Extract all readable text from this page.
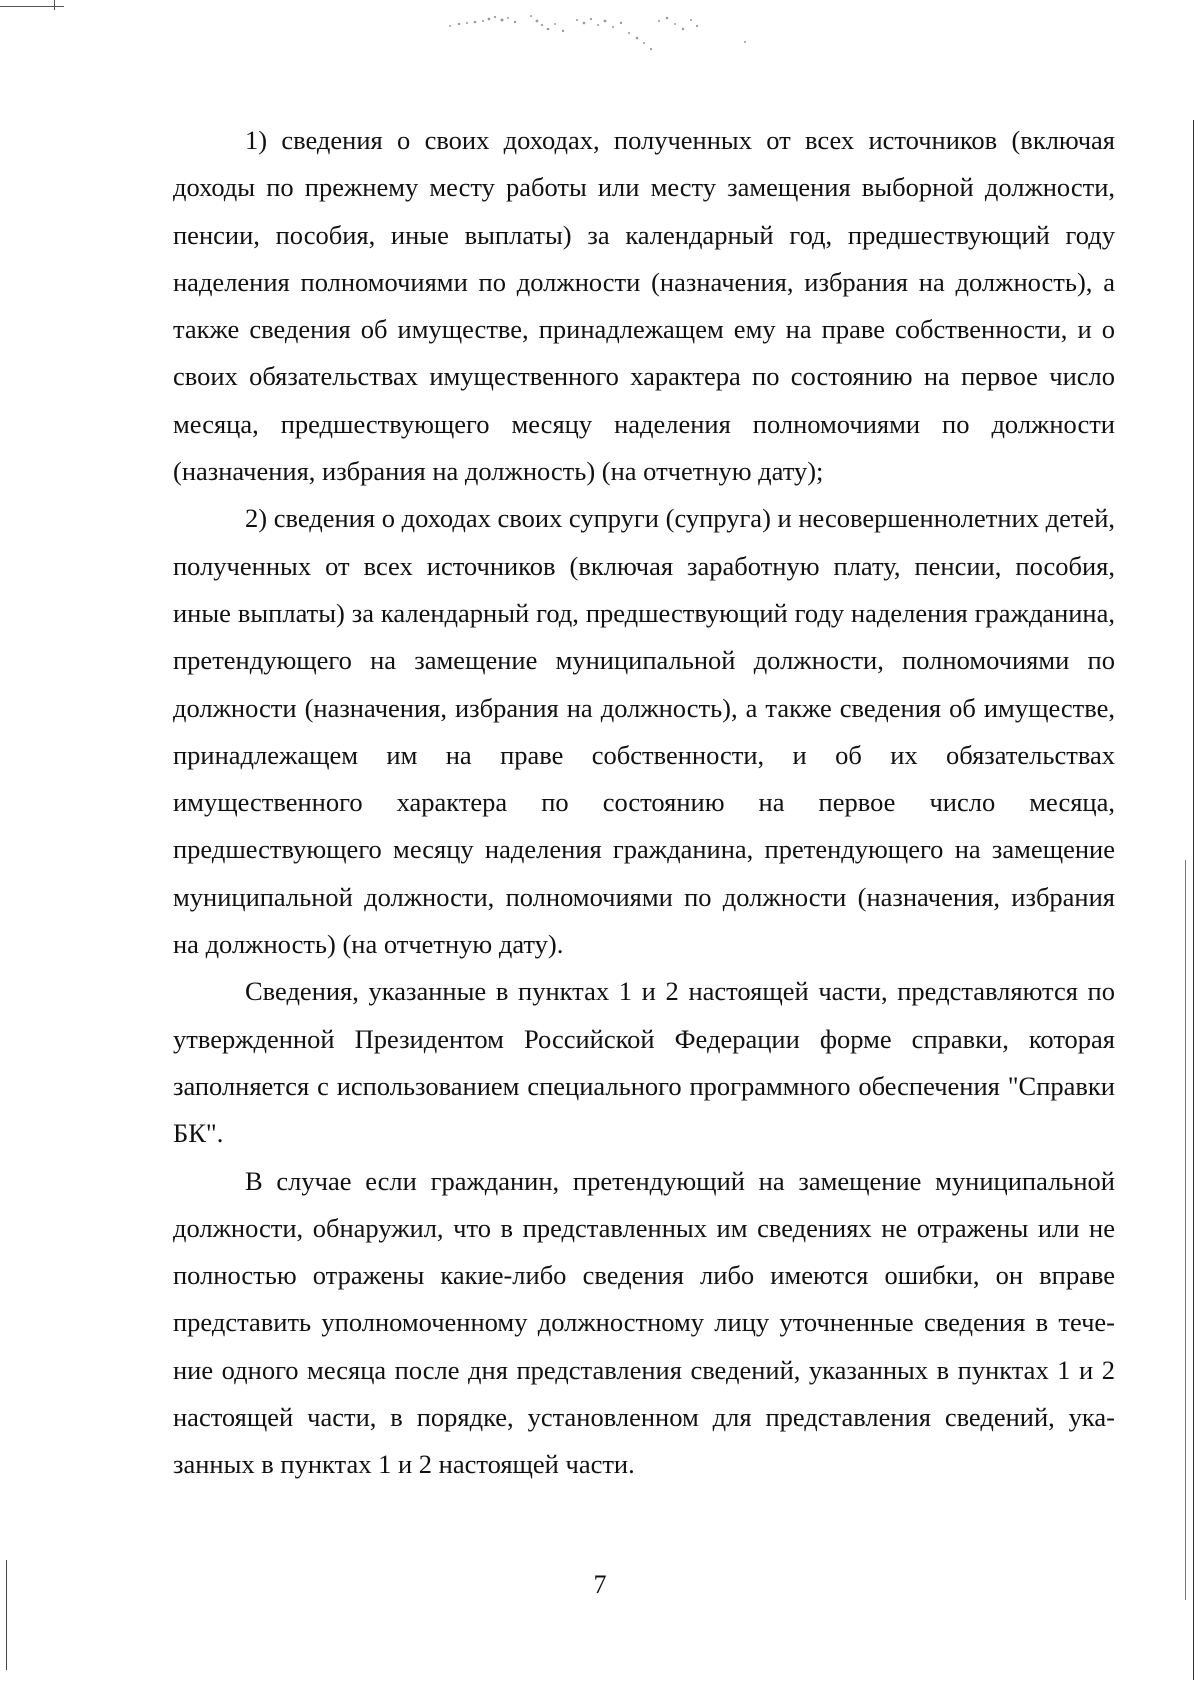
1) сведения о своих доходах, полученных от всех источников (включая доходы по прежнему месту работы или месту замещения выборной должности, пенсии, пособия, иные выплаты) за календарный год, предшествующий году наделения полномочиями по должности (назначения, избрания на должность), а также сведения об имуществе, принадлежащем ему на праве собственности, и о своих обязательствах имущественного характера по состоянию на первое число месяца, предшествующего месяцу наделения полномочиями по должности (назначения, избрания на должность) (на отчетную дату);

2) сведения о доходах своих супруги (супруга) и несовершеннолетних детей, полученных от всех источников (включая заработную плату, пенсии, пособия, иные выплаты) за календарный год, предшествующий году наделения гражданина, претендующего на замещение муниципальной должности, полномочиями по должности (назначения, избрания на должность), а также сведения об имуществе, принадлежащем им на праве собственности, и об их обязательствах имущественного характера по состоянию на первое число месяца, предшествующего месяцу наделения гражданина, претендующего на замещение муниципальной должности, полномочиями по должности (назначения, избрания на должность) (на отчетную дату).

Сведения, указанные в пунктах 1 и 2 настоящей части, представляются по утвержденной Президентом Российской Федерации форме справки, которая заполняется с использованием специального программного обеспечения "Справки БК".

В случае если гражданин, претендующий на замещение муниципальной должности, обнаружил, что в представленных им сведениях не отражены или не полностью отражены какие-либо сведения либо имеются ошибки, он вправе представить уполномоченному должностному лицу уточненные сведения в течение одного месяца после дня представления сведений, указанных в пунктах 1 и 2 настоящей части, в порядке, установленном для представления сведений, указанных в пунктах 1 и 2 настоящей части.

7
